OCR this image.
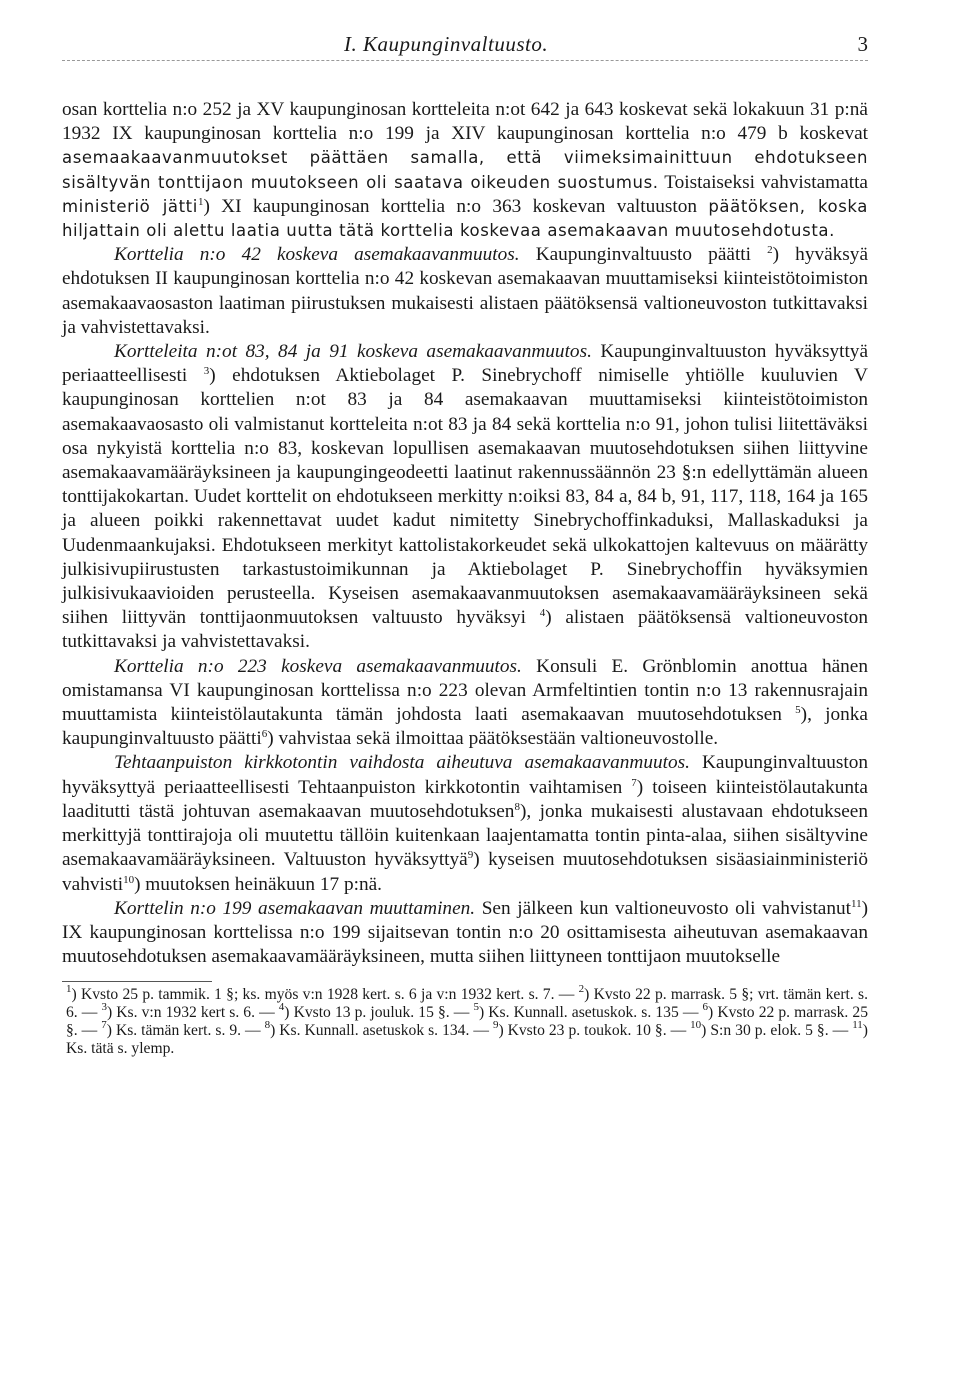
I. Kaupunginvaltuusto.	3

osan korttelia n:o 252 ja XV kaupunginosan kortteleita n:ot 642 ja 643 koskevat sekä lokakuun 31 p:nä 1932 IX kaupunginosan korttelia n:o 199 ja XIV kaupunginosan korttelia n:o 479 b koskevat asemaakaavanmuutokset päättäen samalla, että viimeksimainittuun ehdotukseen sisältyvän tonttijaon muutokseen oli saatava oikeuden suostumus. Toistaiseksi vahvistamatta ministeriö jätti$^1$) XI kaupunginosan korttelia n:o 363 koskevan valtuuston päätöksen, koska hiljattain oli alettu laatia uutta tätä korttelia koskevaa asemakaavan muutosehdotusta.

Korttelia n:o 42 koskeva asemakaavanmuutos. Kaupunginvaltuusto päätti $^2$) hyväksyä ehdotuksen II kaupunginosan korttelia n:o 42 koskevan asemakaavan muuttamiseksi kiinteistötoimiston asemakaavaosaston laatiman piirustuksen mukaisesti alistaen päätöksensä valtioneuvoston tutkittavaksi ja vahvistettavaksi.

Kortteleita n:ot 83, 84 ja 91 koskeva asemakaavanmuutos. Kaupunginvaltuuston hyväksyttyä periaatteellisesti $^3$) ehdotuksen Aktiebolaget P. Sinebrychoff nimiselle yhtiölle kuuluvien V kaupunginosan korttelien n:ot 83 ja 84 asemakaavan muuttamiseksi kiinteistötoimiston asemakaavaosasto oli valmistanut kortteleita n:ot 83 ja 84 sekä korttelia n:o 91, johon tulisi liitettäväksi osa nykyistä korttelia n:o 83, koskevan lopullisen asemakaavan muutosehdotuksen siihen liittyvine asemakaavamääräyksineen ja kaupungingeodeetti laatinut rakennussäännön 23 §:n edellyttämän alueen tonttijakokartan. Uudet korttelit on ehdotukseen merkitty n:oiksi 83, 84 a, 84 b, 91, 117, 118, 164 ja 165 ja alueen poikki rakennettavat uudet kadut nimitetty Sinebrychoffinkaduksi, Mallaskaduksi ja Uudenmaankujaksi. Ehdotukseen merkityt kattolistakorkeudet sekä ulkokattojen kaltevuus on määrätty julkisivupiirustusten tarkastustoimikunnan ja Aktiebolaget P. Sinebrychoffin hyväksymien julkisivukaavioiden perusteella. Kyseisen asemakaavanmuutoksen asemakaavamääräyksineen sekä siihen liittyvän tonttijaonmuutoksen valtuusto hyväksyi $^4$) alistaen päätöksensä valtioneuvoston tutkittavaksi ja vahvistettavaksi.

Korttelia n:o 223 koskeva asemakaavanmuutos. Konsuli E. Grönblomin anottua hänen omistamansa VI kaupunginosan korttelissa n:o 223 olevan Armfeltintien tontin n:o 13 rakennusrajain muuttamista kiinteistölautakunta tämän johdosta laati asemakaavan muutosehdotuksen $^5$), jonka kaupunginvaltuusto päätti$^6$) vahvistaa sekä ilmoittaa päätöksestään valtioneuvostolle.

Tehtaanpuiston kirkkotontin vaihdosta aiheutuva asemakaavanmuutos. Kaupunginvaltuuston hyväksyttyä periaatteellisesti Tehtaanpuiston kirkkotontin vaihtamisen $^7$) toiseen kiinteistölautakunta laaditutti tästä johtuvan asemakaavan muutosehdotuksen$^8$), jonka mukaisesti alustavaan ehdotukseen merkittyjä tonttirajoja oli muutettu tällöin kuitenkaan laajentamatta tontin pinta-alaa, siihen sisältyvine asemakaavamääräyksineen. Valtuuston hyväksyttyä$^9$) kyseisen muutosehdotuksen sisäasiainministeriö vahvisti$^{10}$) muutoksen heinäkuun 17 p:nä.

Korttelin n:o 199 asemakaavan muuttaminen. Sen jälkeen kun valtioneuvosto oli vahvistanut$^{11}$) IX kaupunginosan korttelissa n:o 199 sijaitsevan tontin n:o 20 osittamisesta aiheutuvan asemakaavan muutosehdotuksen asemakaavamääräyksineen, mutta siihen liittyneen tonttijaon muutokselle

$^1$) Kvsto 25 p. tammik. 1 §; ks. myös v:n 1928 kert. s. 6 ja v:n 1932 kert. s. 7. — $^2$) Kvsto 22 p. marrask. 5 §; vrt. tämän kert. s. 6. — $^3$) Ks. v:n 1932 kert s. 6. — $^4$) Kvsto 13 p. jouluk. 15 §. — $^5$) Ks. Kunnall. asetuskok. s. 135 — $^6$) Kvsto 22 p. marrask. 25 §. — $^7$) Ks. tämän kert. s. 9. — $^8$) Ks. Kunnall. asetuskok s. 134. — $^9$) Kvsto 23 p. toukok. 10 §. — $^{10}$) S:n 30 p. elok. 5 §. — $^{11}$) Ks. tätä s. ylemp.
